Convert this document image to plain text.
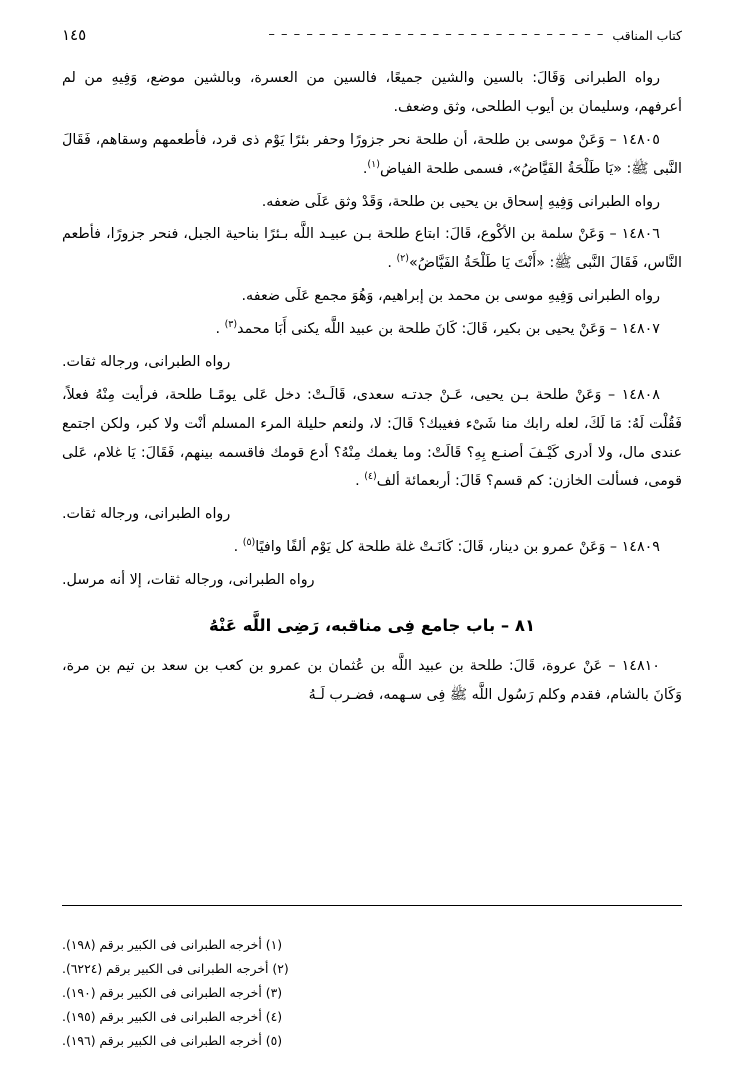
كتاب المناقب
– – – – – – – – – – – – – – – – – – – – – – – – – – –
١٤٥

رواه الطبرانى وَقَالَ: بالسين والشين جميعًا، فالسين من العسرة، وبالشين موضع، وَفِيهِ من لم أعرفهم، وسليمان بن أيوب الطلحى، وثق وضعف.

١٤٨٠٥ – وَعَنْ موسى بن طلحة، أن طلحة نحر جزورًا وحفر بئرًا يَوْم ذى قرد، فأطعمهم وسقاهم، فَقَالَ النَّبى ﷺ: «يَا طَلْحَةُ الفَيَّاضُ»، فسمى طلحة الفياض$^{(١)}$.

رواه الطبرانى وَفِيهِ إسحاق بن يحيى بن طلحة، وَقَدْ وثق عَلَى ضعفه.

١٤٨٠٦ – وَعَنْ سلمة بن الأكْوع، قَالَ: ابتاع طلحة بـن عبيـد اللَّه بـئرًا بناحية الجبل، فنحر جزورًا، فأطعم النَّاس، فَقَالَ النَّبى ﷺ: «أَنْتَ يَا طَلْحَةُ الفَيَّاضُ»$^{(٢)}$ .

رواه الطبرانى وَفِيهِ موسى بن محمد بن إبراهيم، وَهُوَ مجمع عَلَى ضعفه.

١٤٨٠٧ – وَعَنْ يحيى بن بكير، قَالَ: كَانَ طلحة بن عبيد اللَّه يكنى أَبَا محمد$^{(٣)}$ .

رواه الطبرانى، ورجاله ثقات.

١٤٨٠٨ – وَعَنْ طلحة بـن يحيى، عَـنْ جدتـه سعدى، قَالَـتْ: دخل عَلى يومًـا طلحة، فرأيت مِنْهُ فعلاً، فَقُلْت لَهُ: مَا لَكَ، لعله رابك منا شَىْء فغيبك؟ قَالَ: لا، ولنعم حليلة المرء المسلم أنْت ولا كبر، ولكن اجتمع عندى مال، ولا أدرى كَيْـفَ أصنـع بِهِ؟ قَالَتْ: وما يغمك مِنْهُ؟ أدع قومك فاقسمه بينهم، فَقَالَ: يَا غلام، عَلى قومى، فسألت الخازن: كم قسم؟ قَالَ: أربعمائة ألف$^{(٤)}$ .

رواه الطبرانى، ورجاله ثقات.

١٤٨٠٩ – وَعَنْ عمرو بن دينار، قَالَ: كَانَـتْ غلة طلحة كل يَوْم ألفًا وافيًا$^{(٥)}$ .

رواه الطبرانى، ورجاله ثقات، إلا أنه مرسل.

٨١ – باب جامع فِى مناقبه، رَضِى اللَّه عَنْهُ

١٤٨١٠ – عَنْ عروة، قَالَ: طلحة بن عبيد اللَّه بن عُثمان بن عمرو بن كعب بن سعد بن تيم بن مرة، وَكَانَ بالشام، فقدم وكلم رَسُول اللَّه ﷺ فِى سـهمه، فضـرب لَـهُ

(١) أخرجه الطبرانى فى الكبير برقم (١٩٨).
(٢) أخرجه الطبرانى فى الكبير برقم (٦٢٢٤).
(٣) أخرجه الطبرانى فى الكبير برقم (١٩٠).
(٤) أخرجه الطبرانى فى الكبير برقم (١٩٥).
(٥) أخرجه الطبرانى فى الكبير برقم (١٩٦).
